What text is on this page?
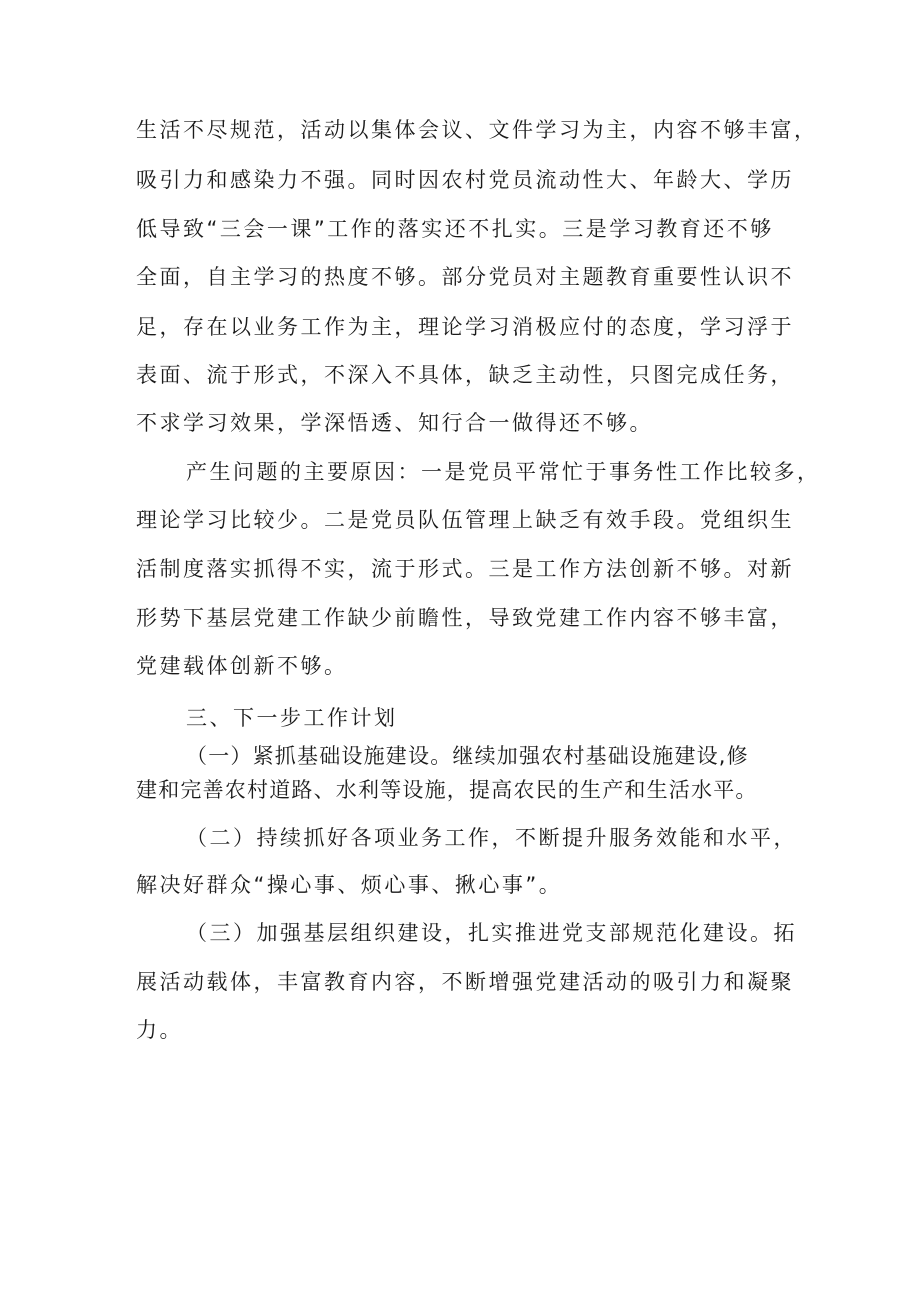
生活不尽规范，活动以集体会议、文件学习为主，内容不够丰富，

吸引力和感染力不强。同时因农村党员流动性大、年龄大、学历

低导致“三会一课”工作的落实还不扎实。三是学习教育还不够

全面，自主学习的热度不够。部分党员对主题教育重要性认识不

足，存在以业务工作为主，理论学习消极应付的态度，学习浮于

表面、流于形式，不深入不具体，缺乏主动性，只图完成任务，

不求学习效果，学深悟透、知行合一做得还不够。

产生问题的主要原因：一是党员平常忙于事务性工作比较多，

理论学习比较少。二是党员队伍管理上缺乏有效手段。党组织生

活制度落实抓得不实，流于形式。三是工作方法创新不够。对新

形势下基层党建工作缺少前瞻性，导致党建工作内容不够丰富，

党建载体创新不够。

三、下一步工作计划

（一）紧抓基础设施建设。继续加强农村基础设施建设,修

建和完善农村道路、水利等设施，提高农民的生产和生活水平。

（二）持续抓好各项业务工作，不断提升服务效能和水平，

解决好群众“操心事、烦心事、揪心事”。

（三）加强基层组织建设，扎实推进党支部规范化建设。拓

展活动载体，丰富教育内容，不断增强党建活动的吸引力和凝聚

力。
